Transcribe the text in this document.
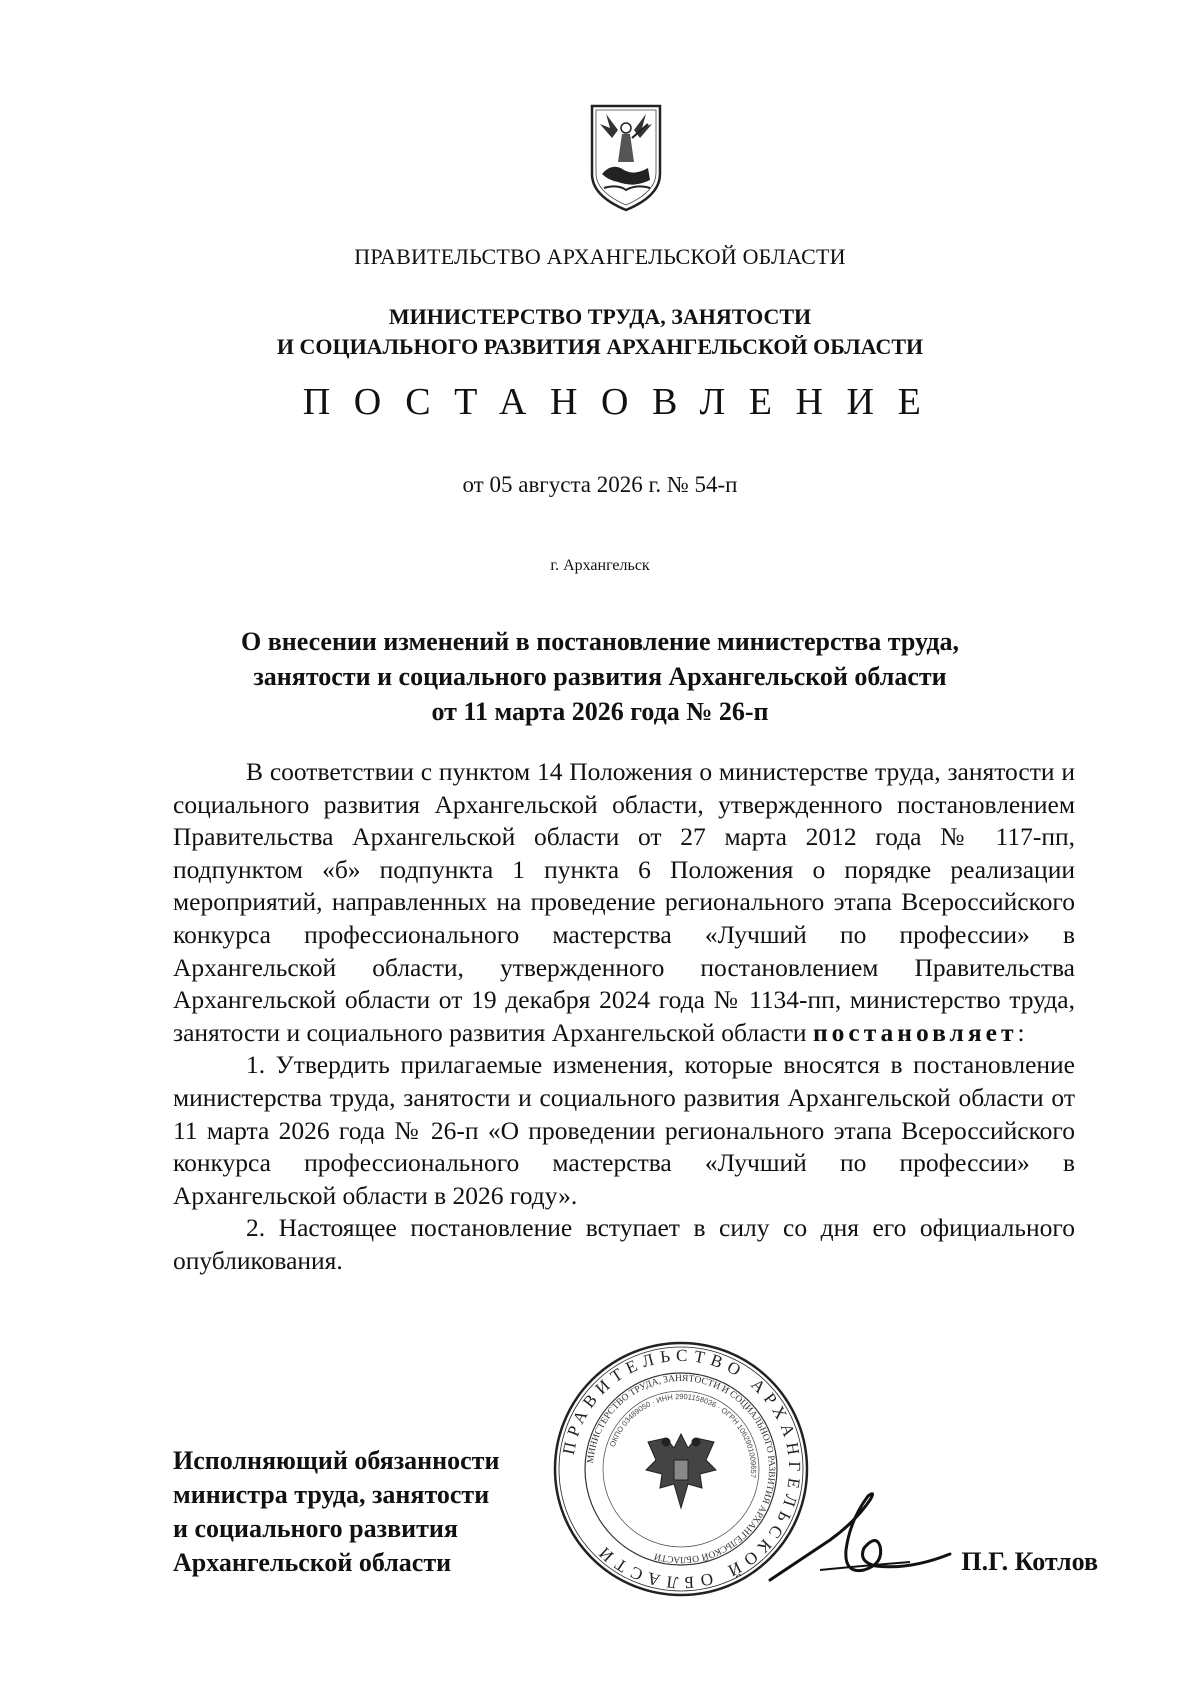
ПРАВИТЕЛЬСТВО АРХАНГЕЛЬСКОЙ ОБЛАСТИ
МИНИСТЕРСТВО ТРУДА, ЗАНЯТОСТИ
И СОЦИАЛЬНОГО РАЗВИТИЯ АРХАНГЕЛЬСКОЙ ОБЛАСТИ
ПОСТАНОВЛЕНИЕ
от 05 августа 2026 г. № 54-п
г. Архангельск
О внесении изменений в постановление министерства труда,
занятости и социального развития Архангельской области
от 11 марта 2026 года № 26-п

В соответствии с пунктом 14 Положения о министерстве труда, занятости и социального развития Архангельской области, утвержденного постановлением Правительства Архангельской области от 27 марта 2012 года № 117-пп, подпунктом «б» подпункта 1 пункта 6 Положения о порядке реализации мероприятий, направленных на проведение регионального этапа Всероссийского конкурса профессионального мастерства «Лучший по профессии» в Архангельской области, утвержденного постановлением Правительства Архангельской области от 19 декабря 2024 года № 1134-пп, министерство труда, занятости и социального развития Архангельской области постановляет:

1. Утвердить прилагаемые изменения, которые вносятся в постановление министерства труда, занятости и социального развития Архангельской области от 11 марта 2026 года № 26-п «О проведении регионального этапа Всероссийского конкурса профессионального мастерства «Лучший по профессии» в Архангельской области в 2026 году».

2. Настоящее постановление вступает в силу со дня его официального опубликования.

Исполняющий обязанности
министра труда, занятости
и социального развития
Архангельской области
ПРАВИТЕЛЬСТВО АРХАНГЕЛЬСКОЙ ОБЛАСТИ
МИНИСТЕРСТВО ТРУДА, ЗАНЯТОСТИ И СОЦИАЛЬНОГО РАЗВИТИЯ АРХАНГЕЛЬСКОЙ ОБЛАСТИ
ОКПО 03489050 · ИНН 2901158036 · ОГРН 1062901009657
П.Г. Котлов
